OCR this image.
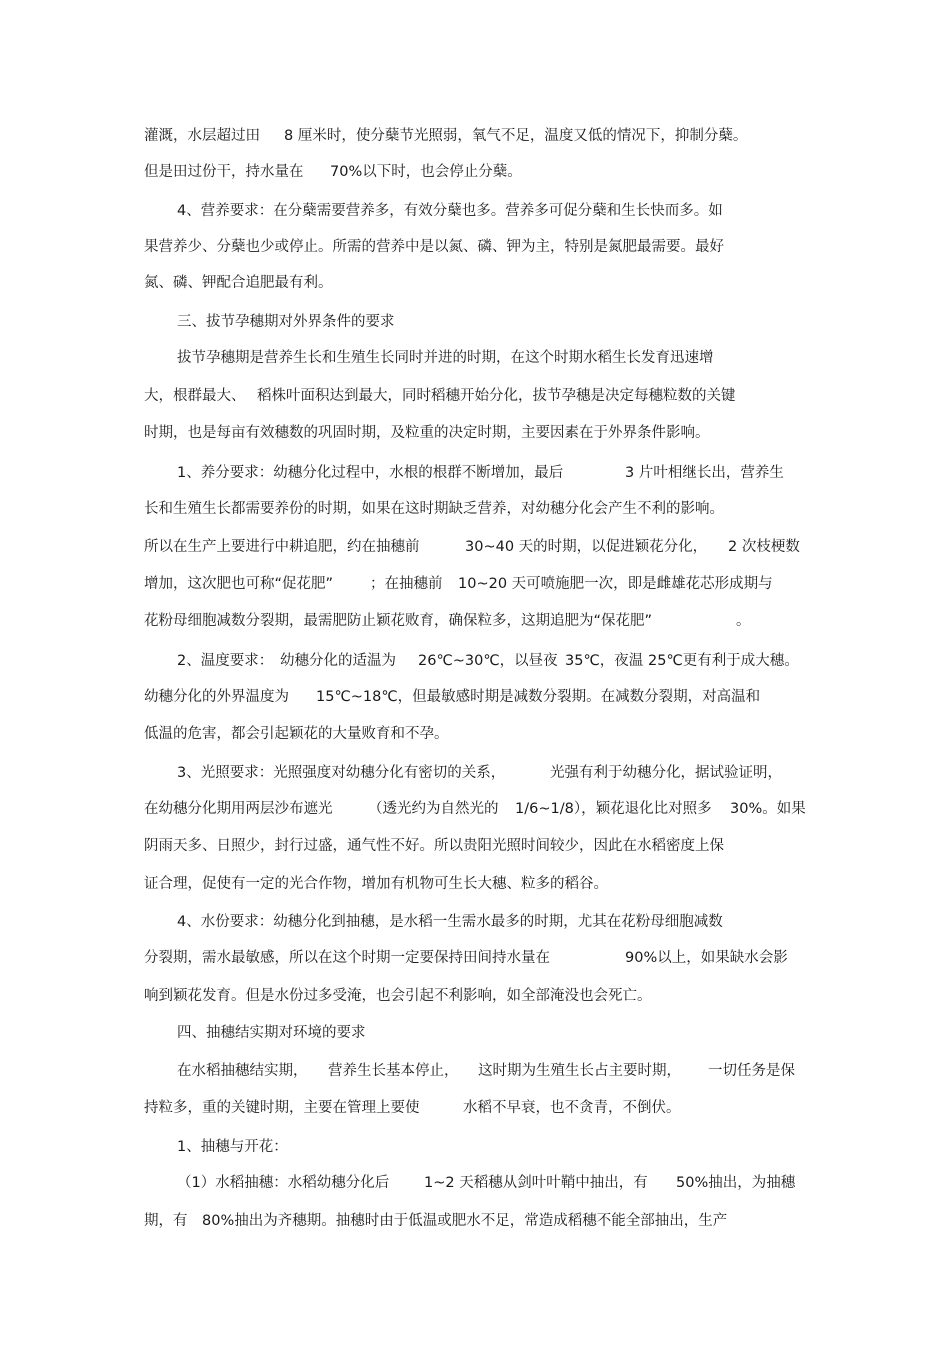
灌溉，水层超过田 8 厘米时，使分蘖节光照弱，氧气不足，温度又低的情况下，抑制分蘖。
但是田过份干，持水量在 70%以下时，也会停止分蘖。
4、营养要求：在分蘖需要营养多，有效分蘖也多。营养多可促分蘖和生长快而多。如
果营养少、分蘖也少或停止。所需的营养中是以氮、磷、钾为主，特别是氮肥最需要。最好
氮、磷、钾配合追肥最有利。
三、拔节孕穗期对外界条件的要求
拔节孕穗期是营养生长和生殖生长同时并进的时期，在这个时期水稻生长发育迅速增
大，根群最大、 稻株叶面积达到最大，同时稻穗开始分化，拔节孕穗是决定每穗粒数的关键
时期，也是每亩有效穗数的巩固时期，及粒重的决定时期，主要因素在于外界条件影响。
1、养分要求：幼穗分化过程中，水根的根群不断增加，最后	3 片叶相继长出，营养生
长和生殖生长都需要养份的时期，如果在这时期缺乏营养，对幼穗分化会产生不利的影响。
所以在生产上要进行中耕追肥，约在抽穗前	30~40 天的时期，以促进颖花分化， 2 次枝梗数
增加，这次肥也可称“促花肥”	；在抽穗前 10~20 天可喷施肥一次，即是雌雄花芯形成期与
花粉母细胞减数分裂期，最需肥防止颖花败育，确保粒多，这期追肥为“保花肥”	。
2、温度要求： 幼穗分化的适温为 26℃~30℃，以昼夜 35℃，夜温 25℃更有利于成大穗。
幼穗分化的外界温度为 15℃~18℃，但最敏感时期是减数分裂期。在减数分裂期，对高温和
低温的危害，都会引起颖花的大量败育和不孕。
3、光照要求：光照强度对幼穗分化有密切的关系，	光强有利于幼穗分化，据试验证明，
在幼穗分化期用两层沙布遮光 （透光约为自然光的 1/6~1/8），颖花退化比对照多 30%。如果
阴雨天多、日照少，封行过盛，通气性不好。所以贵阳光照时间较少，因此在水稻密度上保
证合理，促使有一定的光合作物，增加有机物可生长大穗、粒多的稻谷。
4、水份要求：幼穗分化到抽穗，是水稻一生需水最多的时期，尤其在花粉母细胞减数
分裂期，需水最敏感，所以在这个时期一定要保持田间持水量在	90%以上，如果缺水会影
响到颖花发育。但是水份过多受淹，也会引起不利影响，如全部淹没也会死亡。
四、抽穗结实期对环境的要求
在水稻抽穗结实期， 营养生长基本停止， 这时期为生殖生长占主要时期， 一切任务是保
持粒多，重的关键时期，主要在管理上要使	水稻不早衰，也不贪青，不倒伏。
1、抽穗与开花：
（1）水稻抽穗：水稻幼穗分化后 1~2 天稻穗从剑叶叶鞘中抽出，有 50%抽出，为抽穗
期，有 80%抽出为齐穗期。抽穗时由于低温或肥水不足，常造成稻穗不能全部抽出，生产
